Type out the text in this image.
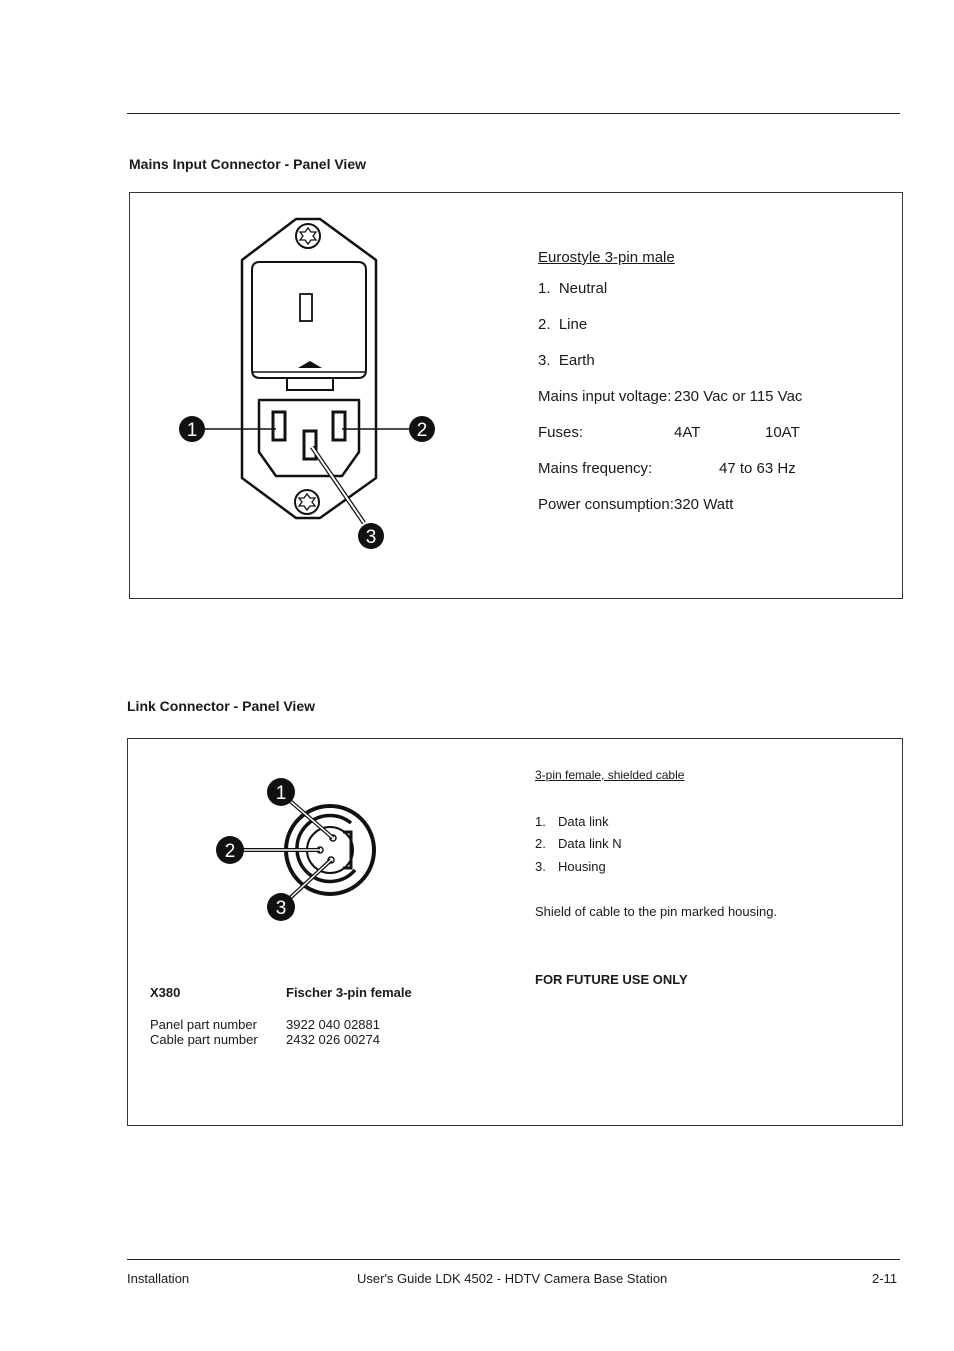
Mains Input Connector - Panel View
1	2
3
Eurostyle 3-pin male
1.  Neutral
2.  Line
3.  Earth
Mains input voltage: 230 Vac or 115 Vac
Fuses:	4AT	10AT
Mains frequency:	47 to 63 Hz
Power consumption: 320 Watt
Link Connector - Panel View
1
2
3
3-pin female, shielded cable
1. Data link
2. Data link N
3. Housing
Shield of cable to the pin marked housing.
FOR FUTURE USE ONLY
X380	Fischer 3-pin female
Panel part number 3922 040 02881
Cable part number 2432 026 00274
Installation	User's Guide LDK 4502 - HDTV Camera Base Station	2-11
